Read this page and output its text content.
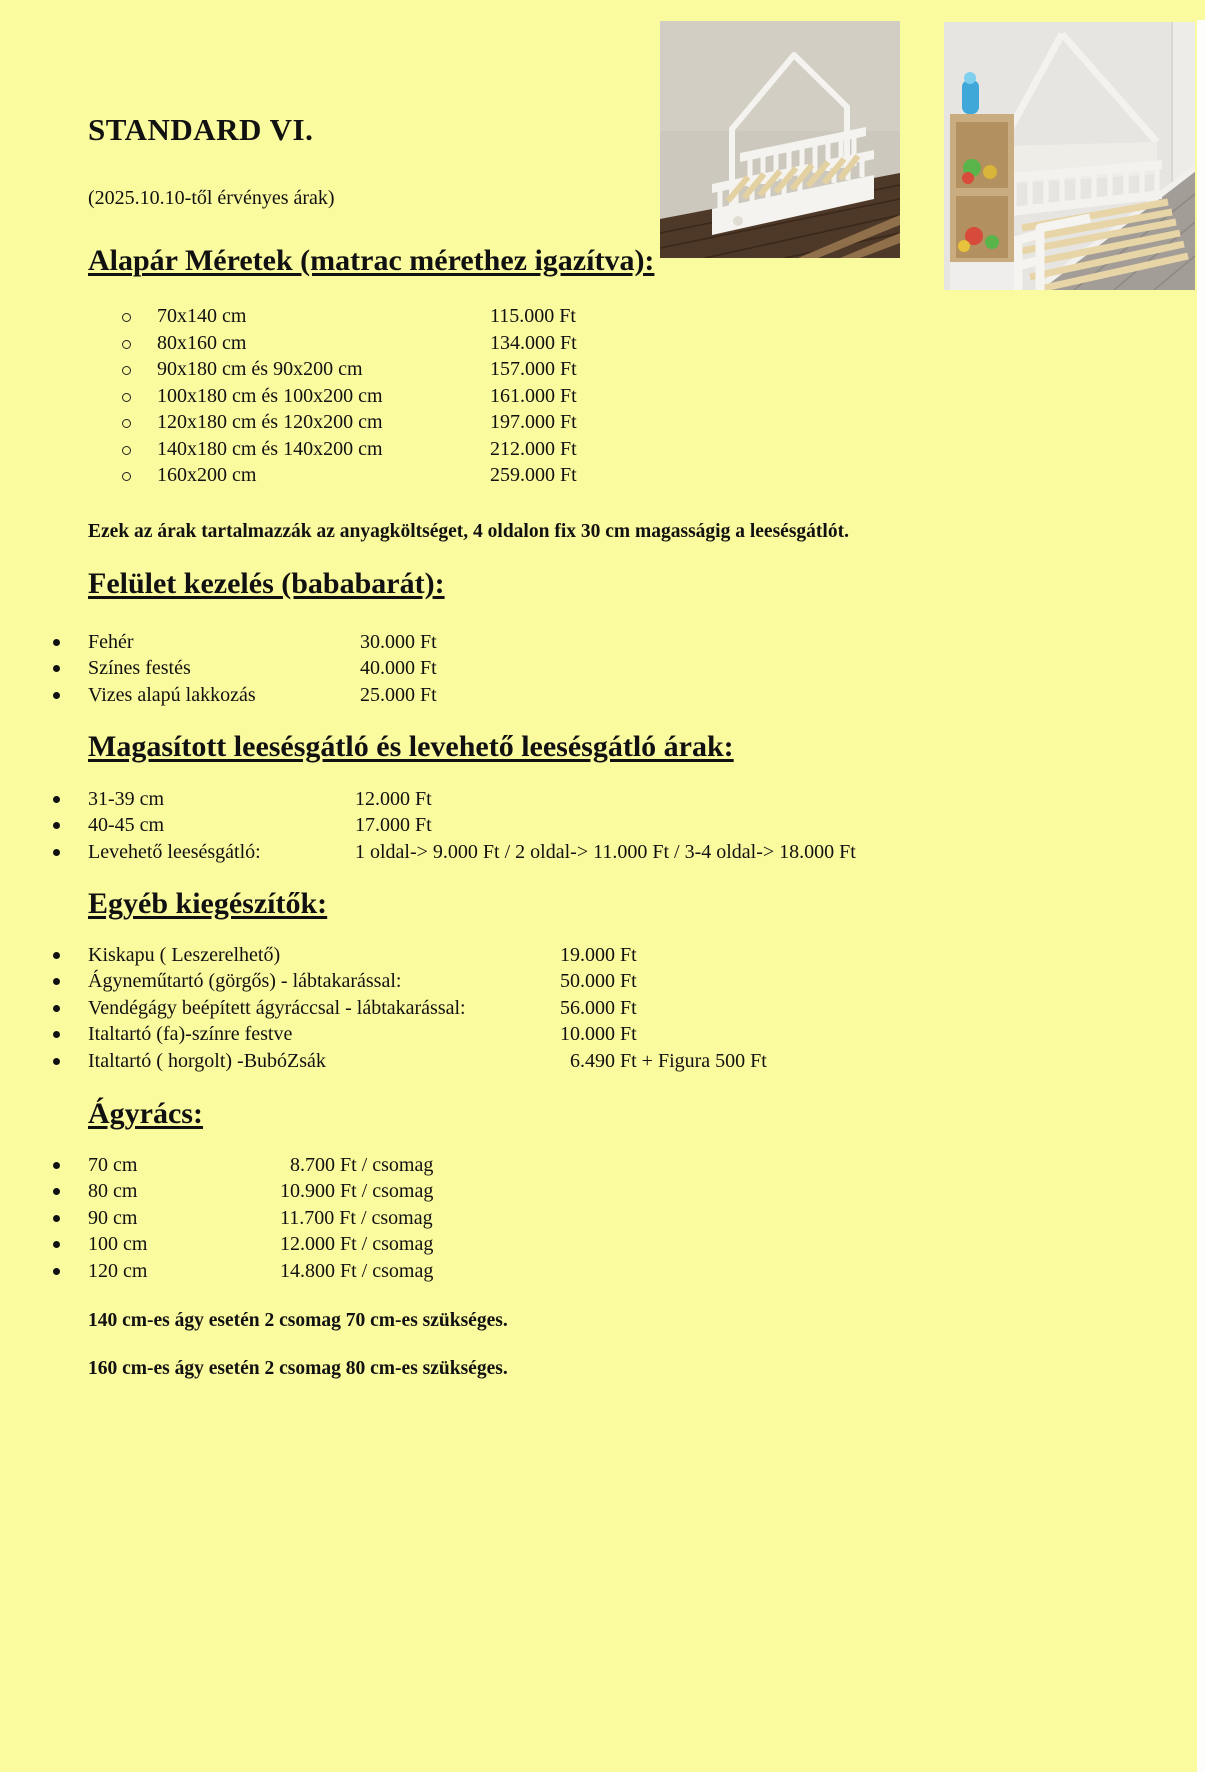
STANDARD VI.

(2025.10.10-től érvényes árak)

Alapár Méretek (matrac mérethez igazítva):
70x140 cm	115.000 Ft
80x160 cm	134.000 Ft
90x180 cm és 90x200 cm	157.000 Ft
100x180 cm és 100x200 cm	161.000 Ft
120x180 cm és 120x200 cm	197.000 Ft
140x180 cm és 140x200 cm	212.000 Ft
160x200 cm	259.000 Ft

Ezek az árak tartalmazzák az anyagköltséget, 4 oldalon fix 30 cm magasságig a leesésgátlót.

Felület kezelés (bababarát):
Fehér	30.000 Ft
Színes festés	40.000 Ft
Vizes alapú lakkozás	25.000 Ft
Magasított leesésgátló és levehető leesésgátló árak:
31-39 cm	12.000 Ft
40-45 cm	17.000 Ft
Levehető leesésgátló:	1 oldal-> 9.000 Ft / 2 oldal-> 11.000 Ft / 3-4 oldal-> 18.000 Ft
Egyéb kiegészítők:
Kiskapu ( Leszerelhető)	19.000 Ft
Ágyneműtartó (görgős) - lábtakarással:	50.000 Ft
Vendégágy beépített ágyráccsal - lábtakarással:	56.000 Ft
Italtartó (fa)-színre festve	10.000 Ft
Italtartó ( horgolt) -BubóZsák	6.490 Ft + Figura 500 Ft
Ágyrács:
70 cm	8.700 Ft / csomag
80 cm	10.900 Ft / csomag
90 cm	11.700 Ft / csomag
100 cm	12.000 Ft / csomag
120 cm	14.800 Ft / csomag

140 cm-es ágy esetén 2 csomag 70 cm-es szükséges.

160 cm-es ágy esetén 2 csomag 80 cm-es szükséges.
